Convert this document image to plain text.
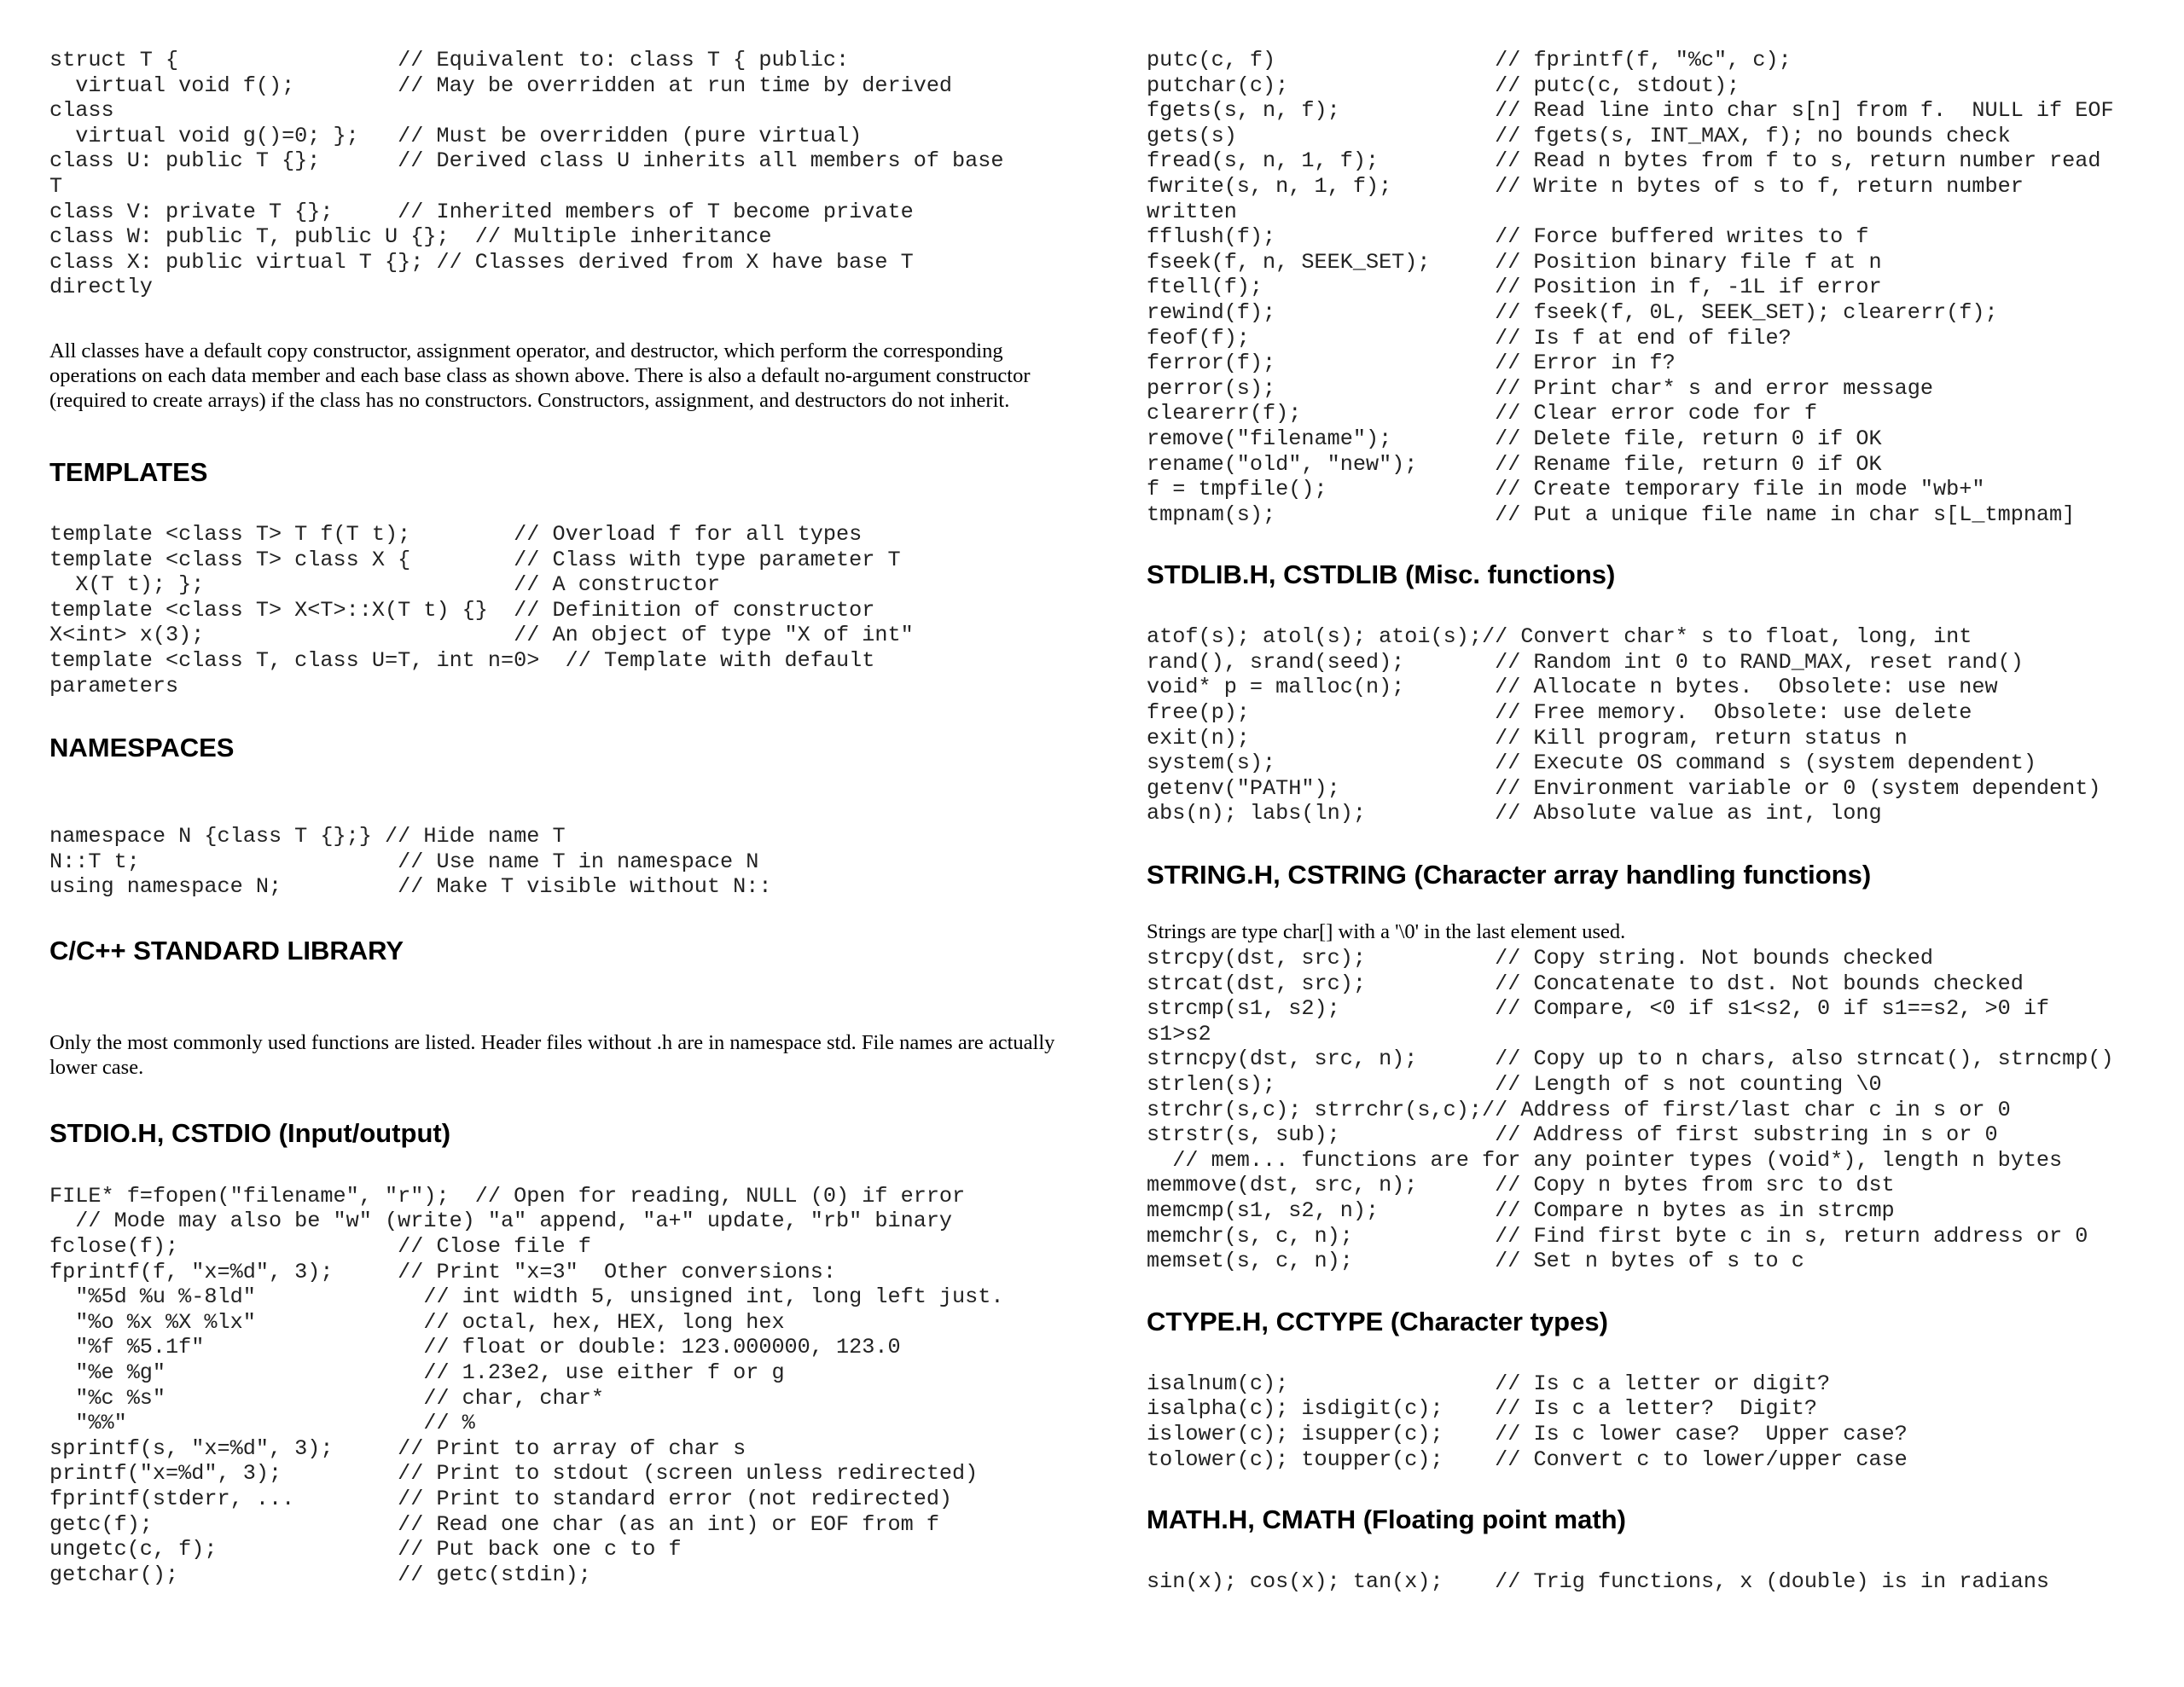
struct T {                 // Equivalent to: class T { public:
virtual void f();        // May be overridden at run time by derived
class
virtual void g()=0; };   // Must be overridden (pure virtual)
class U: public T {};      // Derived class U inherits all members of base
T
class V: private T {};     // Inherited members of T become private
class W: public T, public U {};  // Multiple inheritance
class X: public virtual T {}; // Classes derived from X have base T
directly

All classes have a default copy constructor, assignment operator, and destructor, which perform the corresponding operations on each data member and each base class as shown above. There is also a default no-argument constructor (required to create arrays) if the class has no constructors. Constructors, assignment, and destructors do not inherit.

TEMPLATES
template <class T> T f(T t);        // Overload f for all types
template <class T> class X {        // Class with type parameter T
X(T t); };                        // A constructor
template <class T> X<T>::X(T t) {}  // Definition of constructor
X<int> x(3);                        // An object of type "X of int"
template <class T, class U=T, int n=0>  // Template with default
parameters
NAMESPACES
namespace N {class T {};} // Hide name T
N::T t;                    // Use name T in namespace N
using namespace N;         // Make T visible without N::
C/C++ STANDARD LIBRARY

Only the most commonly used functions are listed. Header files without .h are in namespace std. File names are actually lower case.

STDIO.H, CSTDIO (Input/output)
FILE* f=fopen("filename", "r");  // Open for reading, NULL (0) if error
// Mode may also be "w" (write) "a" append, "a+" update, "rb" binary
fclose(f);                 // Close file f
fprintf(f, "x=%d", 3);     // Print "x=3"  Other conversions:
"%5d %u %-8ld"             // int width 5, unsigned int, long left just.
"%o %x %X %lx"             // octal, hex, HEX, long hex
"%f %5.1f"                 // float or double: 123.000000, 123.0
"%e %g"                    // 1.23e2, use either f or g
"%c %s"                    // char, char*
"%%"                       // %
sprintf(s, "x=%d", 3);     // Print to array of char s
printf("x=%d", 3);         // Print to stdout (screen unless redirected)
fprintf(stderr, ...        // Print to standard error (not redirected)
getc(f);                   // Read one char (as an int) or EOF from f
ungetc(c, f);              // Put back one c to f
getchar();                 // getc(stdin);
putc(c, f)                 // fprintf(f, "%c", c);
putchar(c);                // putc(c, stdout);
fgets(s, n, f);            // Read line into char s[n] from f.  NULL if EOF
gets(s)                    // fgets(s, INT_MAX, f); no bounds check
fread(s, n, 1, f);         // Read n bytes from f to s, return number read
fwrite(s, n, 1, f);        // Write n bytes of s to f, return number
written
fflush(f);                 // Force buffered writes to f
fseek(f, n, SEEK_SET);     // Position binary file f at n
ftell(f);                  // Position in f, -1L if error
rewind(f);                 // fseek(f, 0L, SEEK_SET); clearerr(f);
feof(f);                   // Is f at end of file?
ferror(f);                 // Error in f?
perror(s);                 // Print char* s and error message
clearerr(f);               // Clear error code for f
remove("filename");        // Delete file, return 0 if OK
rename("old", "new");      // Rename file, return 0 if OK
f = tmpfile();             // Create temporary file in mode "wb+"
tmpnam(s);                 // Put a unique file name in char s[L_tmpnam]
STDLIB.H, CSTDLIB (Misc. functions)
atof(s); atol(s); atoi(s);// Convert char* s to float, long, int
rand(), srand(seed);       // Random int 0 to RAND_MAX, reset rand()
void* p = malloc(n);       // Allocate n bytes.  Obsolete: use new
free(p);                   // Free memory.  Obsolete: use delete
exit(n);                   // Kill program, return status n
system(s);                 // Execute OS command s (system dependent)
getenv("PATH");            // Environment variable or 0 (system dependent)
abs(n); labs(ln);          // Absolute value as int, long
STRING.H, CSTRING (Character array handling functions)

Strings are type char[] with a '\0' in the last element used.

strcpy(dst, src);          // Copy string. Not bounds checked
strcat(dst, src);          // Concatenate to dst. Not bounds checked
strcmp(s1, s2);            // Compare, <0 if s1<s2, 0 if s1==s2, >0 if
s1>s2
strncpy(dst, src, n);      // Copy up to n chars, also strncat(), strncmp()
strlen(s);                 // Length of s not counting \0
strchr(s,c); strrchr(s,c);// Address of first/last char c in s or 0
strstr(s, sub);            // Address of first substring in s or 0
// mem... functions are for any pointer types (void*), length n bytes
memmove(dst, src, n);      // Copy n bytes from src to dst
memcmp(s1, s2, n);         // Compare n bytes as in strcmp
memchr(s, c, n);           // Find first byte c in s, return address or 0
memset(s, c, n);           // Set n bytes of s to c
CTYPE.H, CCTYPE (Character types)
isalnum(c);                // Is c a letter or digit?
isalpha(c); isdigit(c);    // Is c a letter?  Digit?
islower(c); isupper(c);    // Is c lower case?  Upper case?
tolower(c); toupper(c);    // Convert c to lower/upper case
MATH.H, CMATH (Floating point math)
sin(x); cos(x); tan(x);    // Trig functions, x (double) is in radians
